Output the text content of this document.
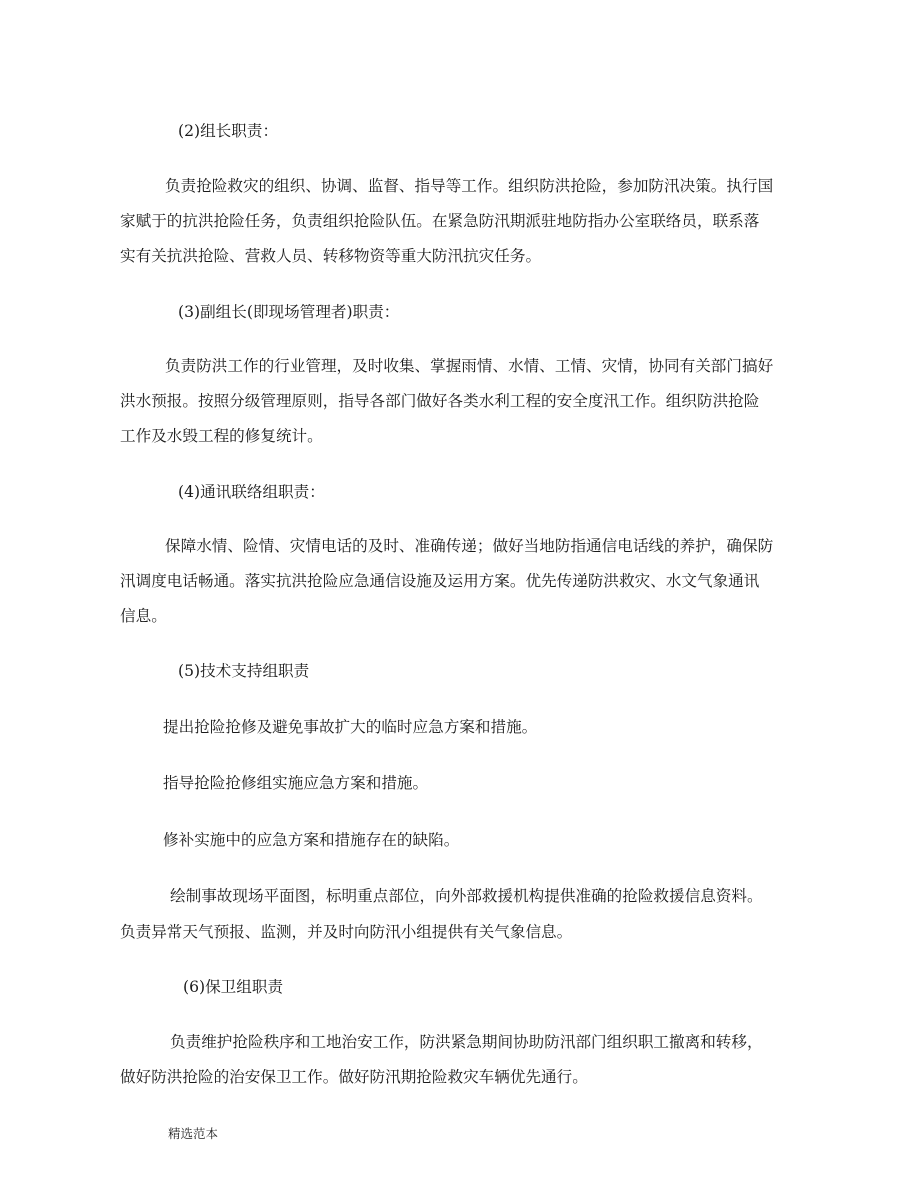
(2)组长职责：

负责抢险救灾的组织、协调、监督、指导等工作。组织防洪抢险，参加防汛决策。执行国

家赋于的抗洪抢险任务，负责组织抢险队伍。在紧急防汛期派驻地防指办公室联络员，联系落

实有关抗洪抢险、营救人员、转移物资等重大防汛抗灾任务。

(3)副组长(即现场管理者)职责：

负责防洪工作的行业管理，及时收集、掌握雨情、水情、工情、灾情，协同有关部门搞好

洪水预报。按照分级管理原则，指导各部门做好各类水利工程的安全度汛工作。组织防洪抢险

工作及水毁工程的修复统计。

(4)通讯联络组职责：

保障水情、险情、灾情电话的及时、准确传递；做好当地防指通信电话线的养护，确保防

汛调度电话畅通。落实抗洪抢险应急通信设施及运用方案。优先传递防洪救灾、水文气象通讯

信息。

(5)技术支持组职责

提出抢险抢修及避免事故扩大的临时应急方案和措施。

指导抢险抢修组实施应急方案和措施。

修补实施中的应急方案和措施存在的缺陷。

绘制事故现场平面图，标明重点部位，向外部救援机构提供准确的抢险救援信息资料。

负责异常天气预报、监测，并及时向防汛小组提供有关气象信息。

(6)保卫组职责

负责维护抢险秩序和工地治安工作，防洪紧急期间协助防汛部门组织职工撤离和转移，

做好防洪抢险的治安保卫工作。做好防汛期抢险救灾车辆优先通行。

精选范本
